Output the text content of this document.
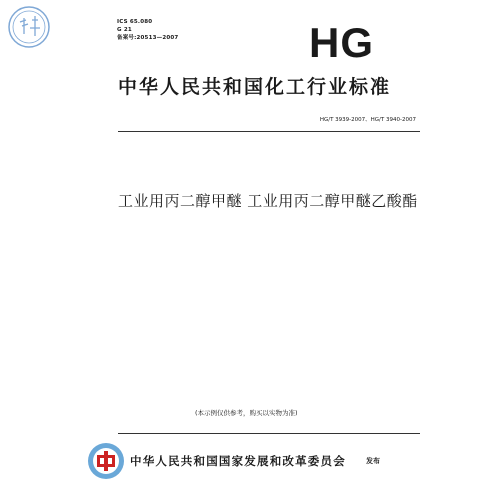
ICS 65.080
G 21
备案号:20513—2007	HG
中华人民共和国化工行业标准
HG/T 3939-2007、HG/T 3940-2007
工业用丙二醇甲醚 工业用丙二醇甲醚乙酸酯
(本示例仅供参考，购买以实物为准)
中华人民共和国国家发展和改革委员会	发布
